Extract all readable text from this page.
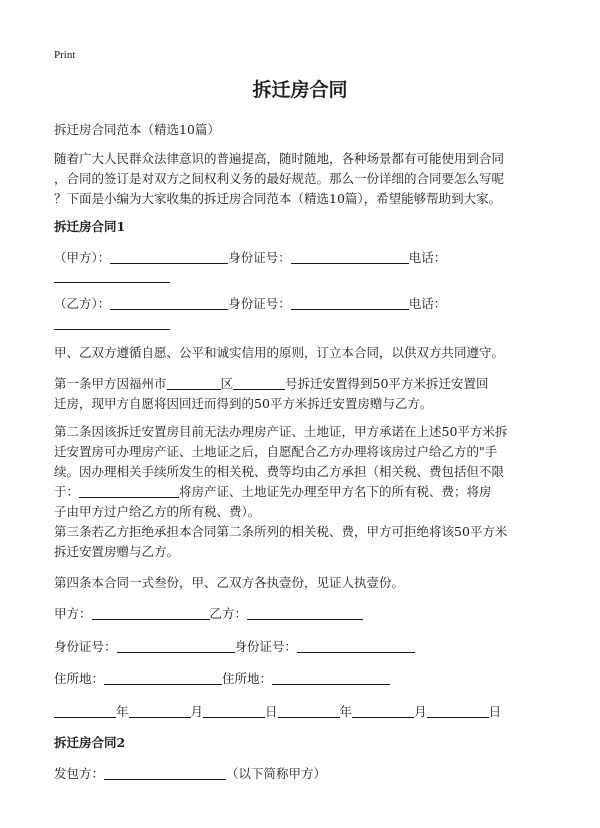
Print
拆迁房合同
拆迁房合同范本（精选10篇）
随着广大人民群众法律意识的普遍提高，随时随地，各种场景都有可能使用到合同
，合同的签订是对双方之间权利义务的最好规范。那么一份详细的合同要怎么写呢
？下面是小编为大家收集的拆迁房合同范本（精选10篇），希望能够帮助到大家。
拆迁房合同1
（甲方）：	身份证号：	电话：
（乙方）：	身份证号：	电话：
甲、乙双方遵循自愿、公平和诚实信用的原则，订立本合同，以供双方共同遵守。
第一条甲方因福州市	区	号拆迁安置得到50平方米拆迁安置回
迁房，现甲方自愿将因回迁而得到的50平方米拆迁安置房赠与乙方。
第二条因该拆迁安置房目前无法办理房产证、土地证，甲方承诺在上述50平方米拆
迁安置房可办理房产证、土地证之后，自愿配合乙方办理将该房过户给乙方的"手
续。因办理相关手续所发生的相关税、费等均由乙方承担（相关税、费包括但不限
于：	将房产证、土地证先办理至甲方名下的所有税、费；将房
子由甲方过户给乙方的所有税、费）。
第三条若乙方拒绝承担本合同第二条所列的相关税、费，甲方可拒绝将该50平方米
拆迁安置房赠与乙方。
第四条本合同一式叁份，甲、乙双方各执壹份，见证人执壹份。
甲方：	乙方：
身份证号：	身份证号：
住所地：	住所地：
年	月	日	年	月	日
拆迁房合同2
发包方：	（以下简称甲方）
